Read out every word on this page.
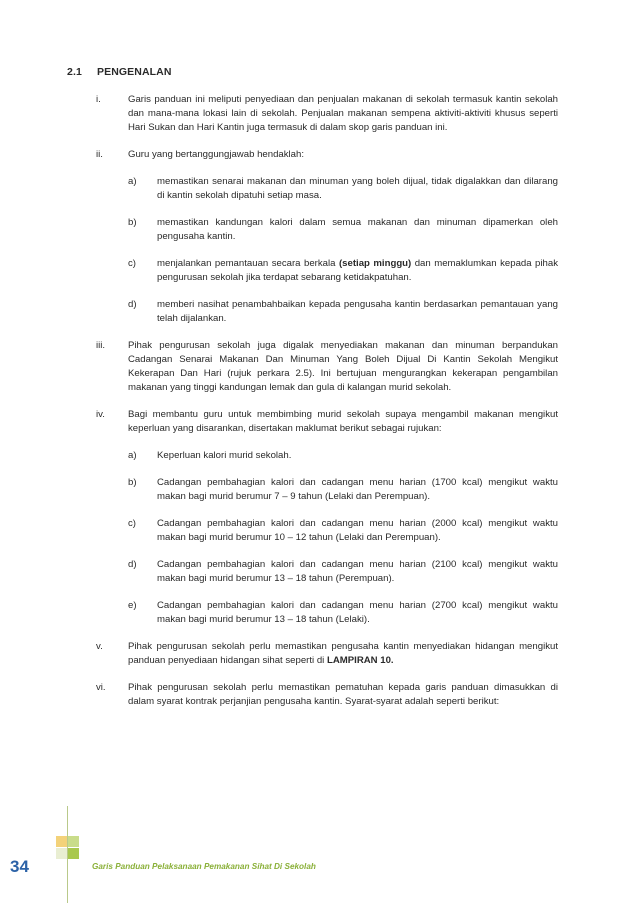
2.1 PENGENALAN
i.	Garis panduan ini meliputi penyediaan dan penjualan makanan di sekolah termasuk kantin sekolah dan mana-mana lokasi lain di sekolah. Penjualan makanan sempena aktiviti-aktiviti khusus seperti Hari Sukan dan Hari Kantin juga termasuk di dalam skop garis panduan ini.
ii.	Guru yang bertanggungjawab hendaklah:
a)	memastikan senarai makanan dan minuman yang boleh dijual, tidak digalakkan dan dilarang di kantin sekolah dipatuhi setiap masa.
b)	memastikan kandungan kalori dalam semua makanan dan minuman dipamerkan oleh pengusaha kantin.
c)	menjalankan pemantauan secara berkala (setiap minggu) dan memaklumkan kepada pihak pengurusan sekolah jika terdapat sebarang ketidakpatuhan.
d)	memberi nasihat penambahbaikan kepada pengusaha kantin berdasarkan pemantauan yang telah dijalankan.
iii.	Pihak pengurusan sekolah juga digalak menyediakan makanan dan minuman berpandukan Cadangan Senarai Makanan Dan Minuman Yang Boleh Dijual Di Kantin Sekolah Mengikut Kekerapan Dan Hari (rujuk perkara 2.5). Ini bertujuan mengurangkan kekerapan pengambilan makanan yang tinggi kandungan lemak dan gula di kalangan murid sekolah.
iv.	Bagi membantu guru untuk membimbing murid sekolah supaya mengambil makanan mengikut keperluan yang disarankan, disertakan maklumat berikut sebagai rujukan:
a)	Keperluan kalori murid sekolah.
b)	Cadangan pembahagian kalori dan cadangan menu harian (1700 kcal) mengikut waktu makan bagi murid berumur 7 – 9 tahun (Lelaki dan Perempuan).
c)	Cadangan pembahagian kalori dan cadangan menu harian (2000 kcal) mengikut waktu makan bagi murid berumur 10 – 12 tahun (Lelaki dan Perempuan).
d)	Cadangan pembahagian kalori dan cadangan menu harian (2100 kcal) mengikut waktu makan bagi murid berumur 13 – 18 tahun (Perempuan).
e)	Cadangan pembahagian kalori dan cadangan menu harian (2700 kcal) mengikut waktu makan bagi murid berumur 13 – 18 tahun (Lelaki).
v.	Pihak pengurusan sekolah perlu memastikan pengusaha kantin menyediakan hidangan mengikut panduan penyediaan hidangan sihat seperti di LAMPIRAN 10.
vi.	Pihak pengurusan sekolah perlu memastikan pematuhan kepada garis panduan dimasukkan di dalam syarat kontrak perjanjian pengusaha kantin. Syarat-syarat adalah seperti berikut:
34	Garis Panduan Pelaksanaan Pemakanan Sihat Di Sekolah
